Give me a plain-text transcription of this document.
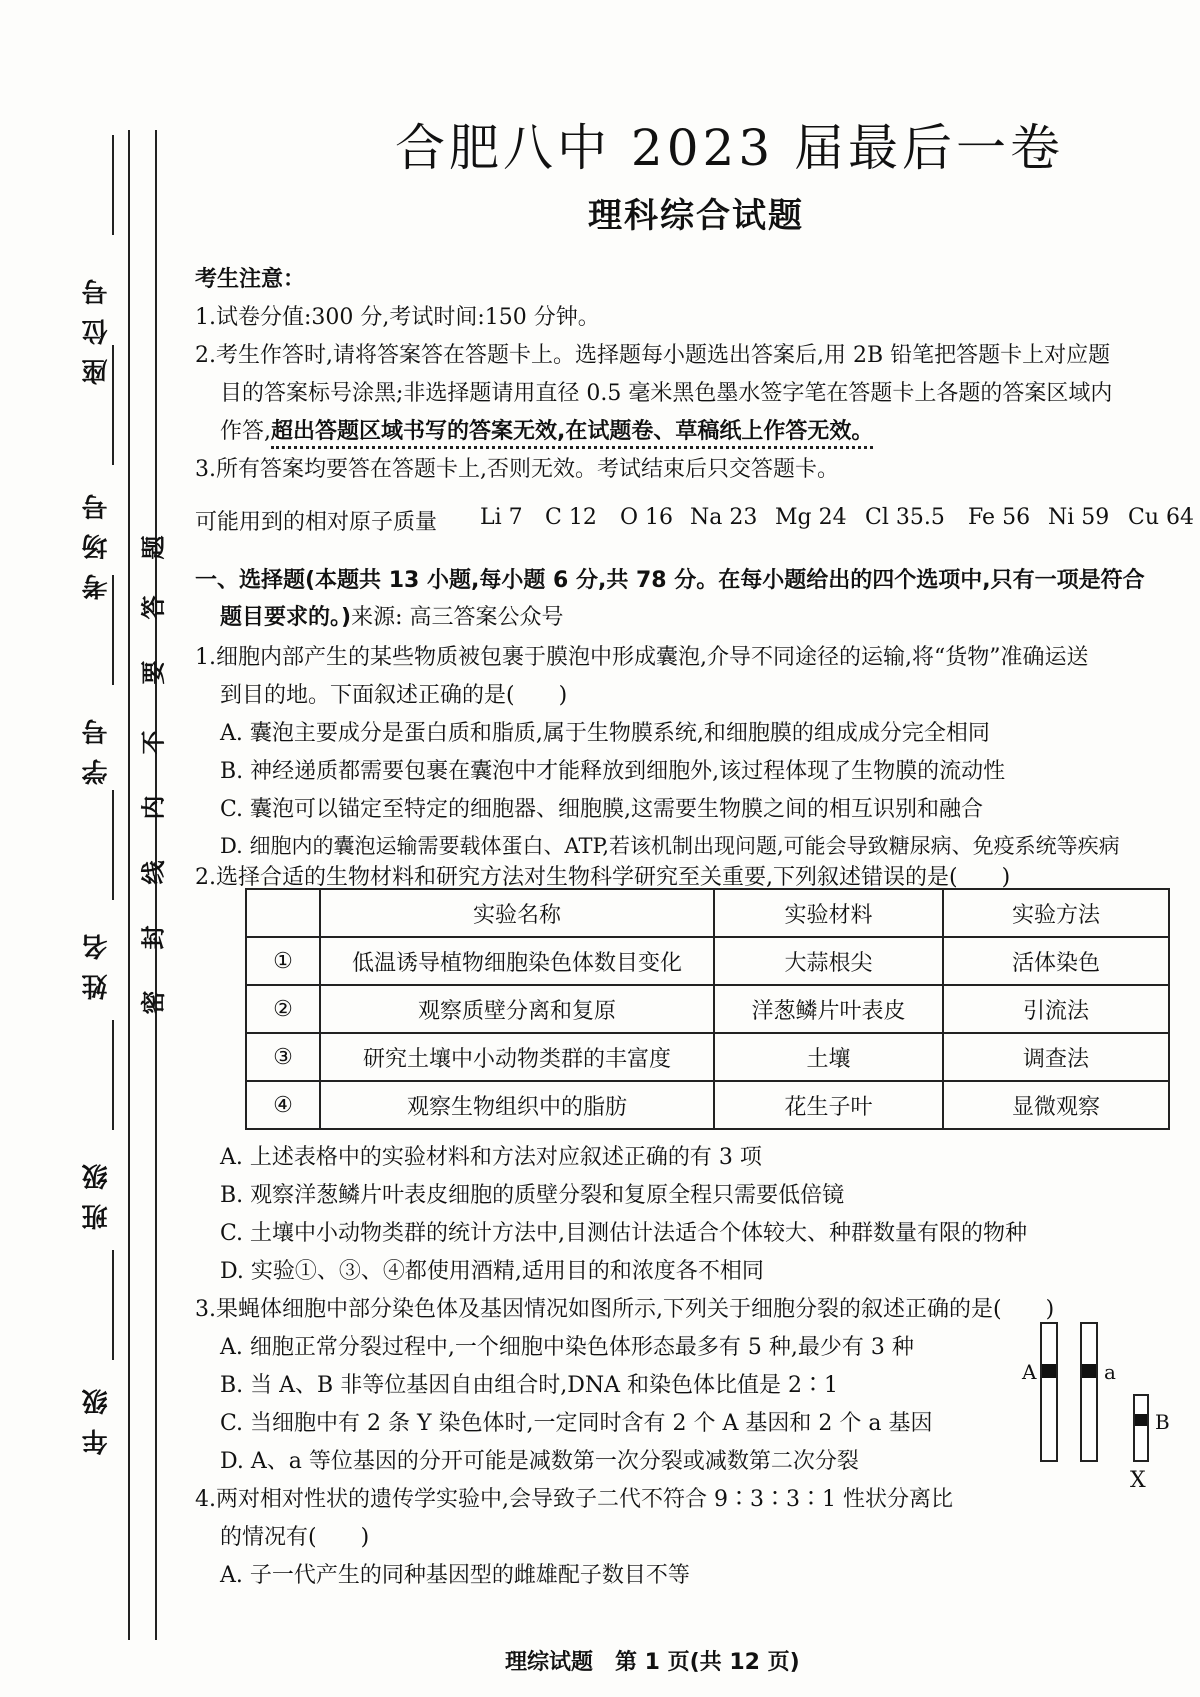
座位号
考场号
学号
姓名
班级
年级
题
答
要
不
内
线
封
密
合肥八中 2023 届最后一卷
理科综合试题
考生注意：
1.试卷分值:300 分,考试时间:150 分钟。
2.考生作答时,请将答案答在答题卡上。选择题每小题选出答案后,用 2B 铅笔把答题卡上对应题
目的答案标号涂黑;非选择题请用直径 0.5 毫米黑色墨水签字笔在答题卡上各题的答案区域内
作答,超出答题区域书写的答案无效,在试题卷、草稿纸上作答无效。
3.所有答案均要答在答题卡上,否则无效。考试结束后只交答题卡。
可能用到的相对原子质量 Li 7 C 12 O 16 Na 23 Mg 24 Cl 35.5 Fe 56 Ni 59 Cu 64
一、选择题(本题共 13 小题,每小题 6 分,共 78 分。在每小题给出的四个选项中,只有一项是符合
题目要求的。)来源: 高三答案公众号
1.细胞内部产生的某些物质被包裹于膜泡中形成囊泡,介导不同途径的运输,将“货物”准确运送
到目的地。下面叙述正确的是(　　)
A. 囊泡主要成分是蛋白质和脂质,属于生物膜系统,和细胞膜的组成成分完全相同
B. 神经递质都需要包裹在囊泡中才能释放到细胞外,该过程体现了生物膜的流动性
C. 囊泡可以锚定至特定的细胞器、细胞膜,这需要生物膜之间的相互识别和融合
D. 细胞内的囊泡运输需要载体蛋白、ATP,若该机制出现问题,可能会导致糖尿病、免疫系统等疾病
2.选择合适的生物材料和研究方法对生物科学研究至关重要,下列叙述错误的是(　　)
	实验名称	实验材料	实验方法
①	低温诱导植物细胞染色体数目变化	大蒜根尖	活体染色
②	观察质壁分离和复原	洋葱鳞片叶表皮	引流法
③	研究土壤中小动物类群的丰富度	土壤	调查法
④	观察生物组织中的脂肪	花生子叶	显微观察
A. 上述表格中的实验材料和方法对应叙述正确的有 3 项
B. 观察洋葱鳞片叶表皮细胞的质壁分裂和复原全程只需要低倍镜
C. 土壤中小动物类群的统计方法中,目测估计法适合个体较大、种群数量有限的物种
D. 实验①、③、④都使用酒精,适用目的和浓度各不相同
3.果蝇体细胞中部分染色体及基因情况如图所示,下列关于细胞分裂的叙述正确的是(　　)
A. 细胞正常分裂过程中,一个细胞中染色体形态最多有 5 种,最少有 3 种
B. 当 A、B 非等位基因自由组合时,DNA 和染色体比值是 2∶1
C. 当细胞中有 2 条 Y 染色体时,一定同时含有 2 个 A 基因和 2 个 a 基因
D. A、a 等位基因的分开可能是减数第一次分裂或减数第二次分裂
A	a
B
X
4.两对相对性状的遗传学实验中,会导致子二代不符合 9∶3∶3∶1 性状分离比
的情况有(　　)
A. 子一代产生的同种基因型的雌雄配子数目不等
理综试题　第 1 页(共 12 页)
